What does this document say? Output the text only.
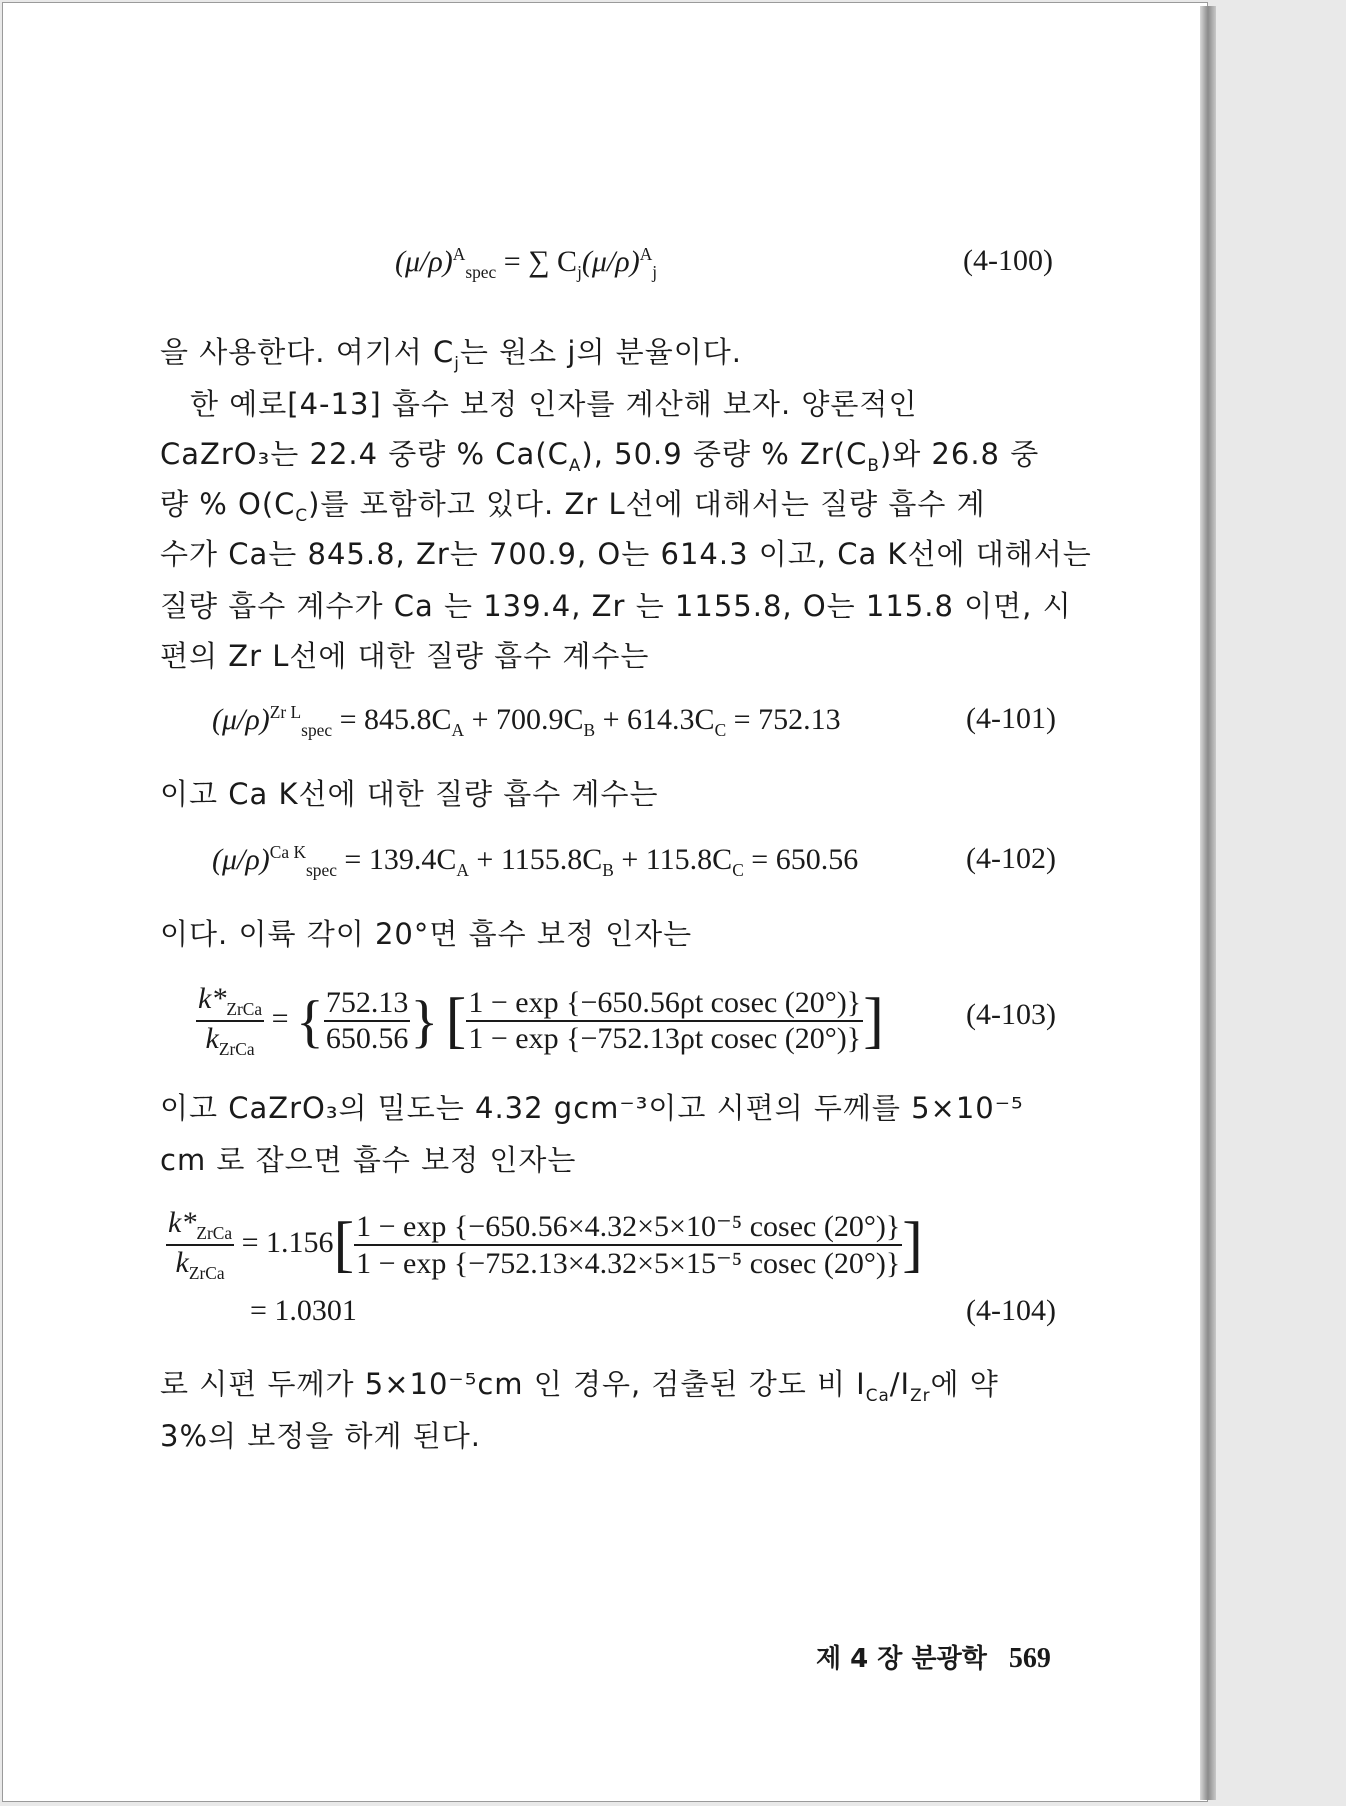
$(\mu/\rho)^A_{spec}$ = ∑ $C_j(\mu/\rho)^A_j$	(4-100)
을 사용한다. 여기서 $C_j$는 원소 j의 분율이다.
한 예로[4-13] 흡수 보정 인자를 계산해 보자. 양론적인
CaZrO₃는 22.4 중량 % $Ca(C_A)$, 50.9 중량 % $Zr(C_B)$와 26.8 중
량 % $O(C_C)$를 포함하고 있다. Zr L선에 대해서는 질량 흡수 계
수가 Ca는 845.8, Zr는 700.9, O는 614.3 이고, Ca K선에 대해서는
질량 흡수 계수가 Ca 는 139.4, Zr 는 1155.8, O는 115.8 이면, 시
편의 Zr L선에 대한 질량 흡수 계수는
$(\mu/\rho)^{Zr L}_{spec} = 845.8C_A + 700.9C_B + 614.3C_C = 752.13$	(4-101)
이고 Ca K선에 대한 질량 흡수 계수는
$(\mu/\rho)^{Ca K}_{spec} = 139.4C_A + 1155.8C_B + 115.8C_C = 650.56$	(4-102)
이다. 이륙 각이 20°면 흡수 보정 인자는
$\frac{k*_{ZrCa}}{k_{ZrCa}}$ = { $\frac{752.13}{650.56}$ } [ $\frac{\text{1 − exp \{−650.56ρt cosec (20°)\}}}{\text{1 − exp \{−752.13ρt cosec (20°)\}}}$ ]	(4-103)
이고 CaZrO₃의 밀도는 4.32 gcm⁻³이고 시편의 두께를 5×10⁻⁵
cm 로 잡으면 흡수 보정 인자는
$\frac{k*_{ZrCa}}{k_{ZrCa}} = 1.156[ \frac{\text{1 − exp \{−650.56×4.32×5×10⁻⁵ cosec (20°)\}}}{\text{1 − exp \{−752.13×4.32×5×15⁻⁵ cosec (20°)\}}}$ ]
= 1.0301	(4-104)
로 시편 두께가 5×10⁻⁵cm 인 경우, 검출된 강도 비 $I_{Ca}/I_{Zr}$에 약
3%의 보정을 하게 된다.
제 4 장 분광학 569
